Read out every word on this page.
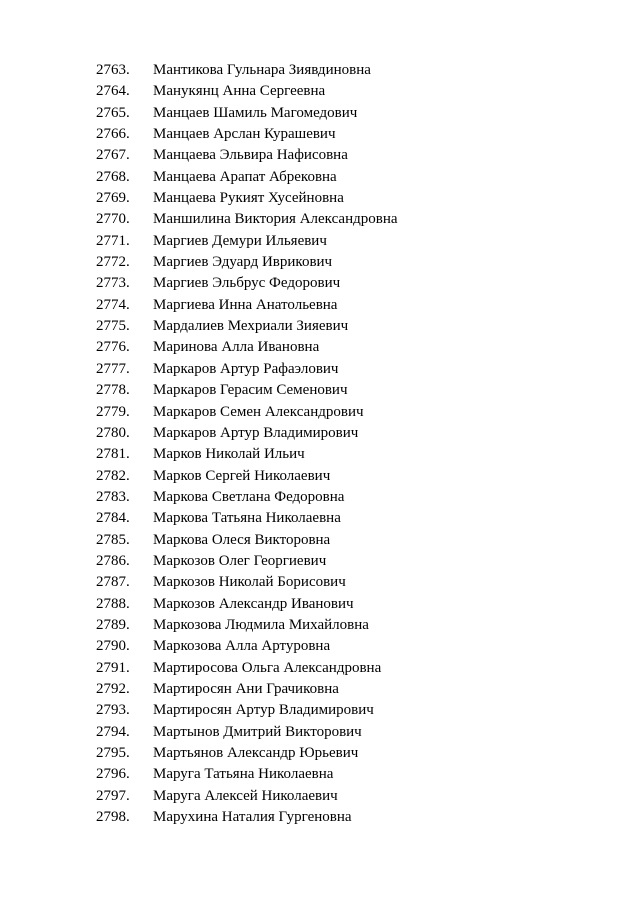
2763.	Мантикова Гульнара Зиявдиновна
2764.	Манукянц Анна Сергеевна
2765.	Манцаев Шамиль Магомедович
2766.	Манцаев Арслан Курашевич
2767.	Манцаева Эльвира Нафисовна
2768.	Манцаева Арапат Абрековна
2769.	Манцаева Рукият Хусейновна
2770.	Маншилина Виктория Александровна
2771.	Маргиев Демури Ильяевич
2772.	Маргиев Эдуард Иврикович
2773.	Маргиев Эльбрус Федорович
2774.	Маргиева Инна Анатольевна
2775.	Мардалиев Мехриали Зияевич
2776.	Маринова Алла Ивановна
2777.	Маркаров Артур Рафаэлович
2778.	Маркаров Герасим Семенович
2779.	Маркаров Семен Александрович
2780.	Маркаров Артур Владимирович
2781.	Марков Николай Ильич
2782.	Марков Сергей Николаевич
2783.	Маркова Светлана Федоровна
2784.	Маркова Татьяна Николаевна
2785.	Маркова Олеся Викторовна
2786.	Маркозов Олег Георгиевич
2787.	Маркозов Николай Борисович
2788.	Маркозов Александр Иванович
2789.	Маркозова Людмила Михайловна
2790.	Маркозова Алла Артуровна
2791.	Мартиросова Ольга Александровна
2792.	Мартиросян Ани Грачиковна
2793.	Мартиросян Артур Владимирович
2794.	Мартынов Дмитрий Викторович
2795.	Мартьянов Александр Юрьевич
2796.	Маруга Татьяна Николаевна
2797.	Маруга Алексей Николаевич
2798.	Марухина Наталия Гургеновна
